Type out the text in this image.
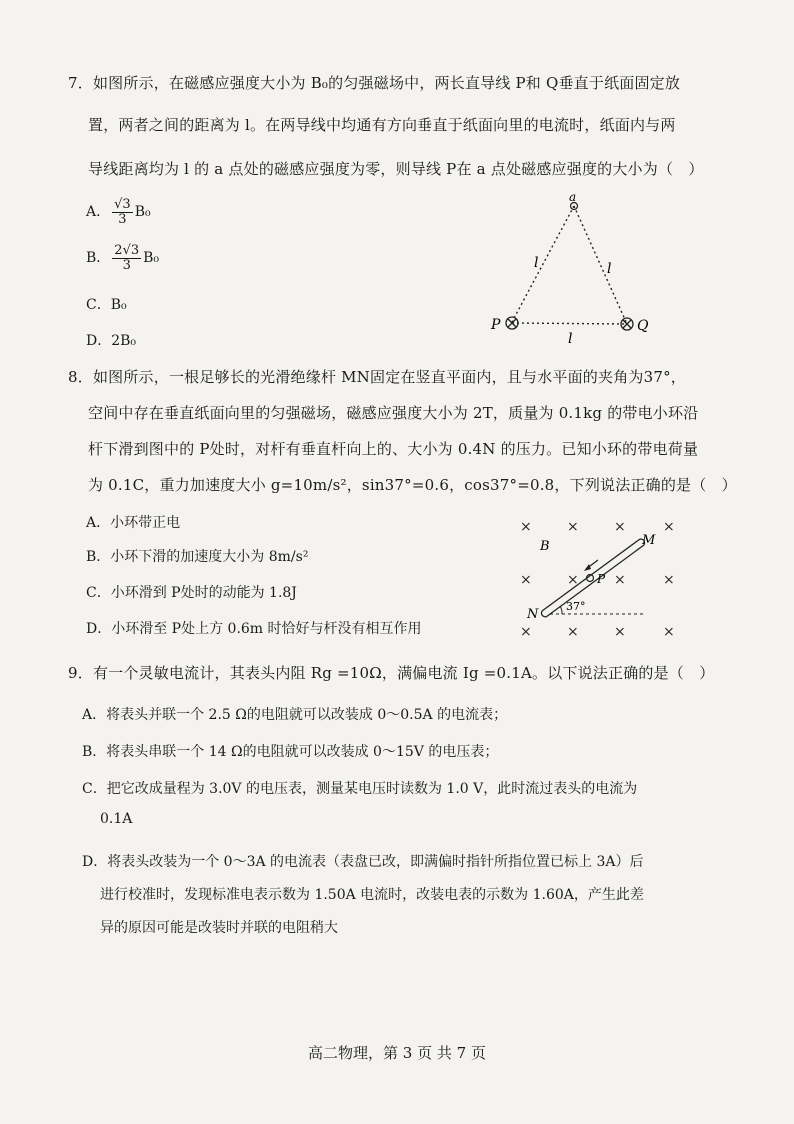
7．如图所示，在磁感应强度大小为 B₀的匀强磁场中，两长直导线 P和 Q垂直于纸面固定放
置，两者之间的距离为 l。在两导线中均通有方向垂直于纸面向里的电流时，纸面内与两
导线距离均为 l 的 a 点处的磁感应强度为零，则导线 P在 a 点处磁感应强度的大小为（　）
A． $\frac{√3}{3} B_0$
B． $\frac{2√3}{3} B_0$
C．B₀
D．2B₀
a
P	Q
l	l
l
8．如图所示，一根足够长的光滑绝缘杆 MN固定在竖直平面内，且与水平面的夹角为37°，
空间中存在垂直纸面向里的匀强磁场，磁感应强度大小为 2T，质量为 0.1kg 的带电小环沿
杆下滑到图中的 P处时，对杆有垂直杆向上的、大小为 0.4N 的压力。已知小环的带电荷量
为 0.1C，重力加速度大小 g=10m/s²，sin37°=0.6，cos37°=0.8，下列说法正确的是（　）
A．小环带正电
B．小环下滑的加速度大小为 8m/s²
C．小环滑到 P处时的动能为 1.8J
D．小环滑至 P处上方 0.6m 时恰好与杆没有相互作用
×	×	×	×
×	×	×	×
×	×	×	×
B	M
N
P
37°
9．有一个灵敏电流计，其表头内阻 Rg =10Ω，满偏电流 Ig =0.1A。以下说法正确的是（　）
A．将表头并联一个 2.5 Ω的电阻就可以改装成 0～0.5A 的电流表；
B．将表头串联一个 14 Ω的电阻就可以改装成 0～15V 的电压表；
C．把它改成量程为 3.0V 的电压表，测量某电压时读数为 1.0 V，此时流过表头的电流为
0.1A
D．将表头改装为一个 0～3A 的电流表（表盘已改，即满偏时指针所指位置已标上 3A）后
进行校准时，发现标准电表示数为 1.50A 电流时，改装电表的示数为 1.60A，产生此差
异的原因可能是改装时并联的电阻稍大
高二物理，第 3 页 共 7 页
